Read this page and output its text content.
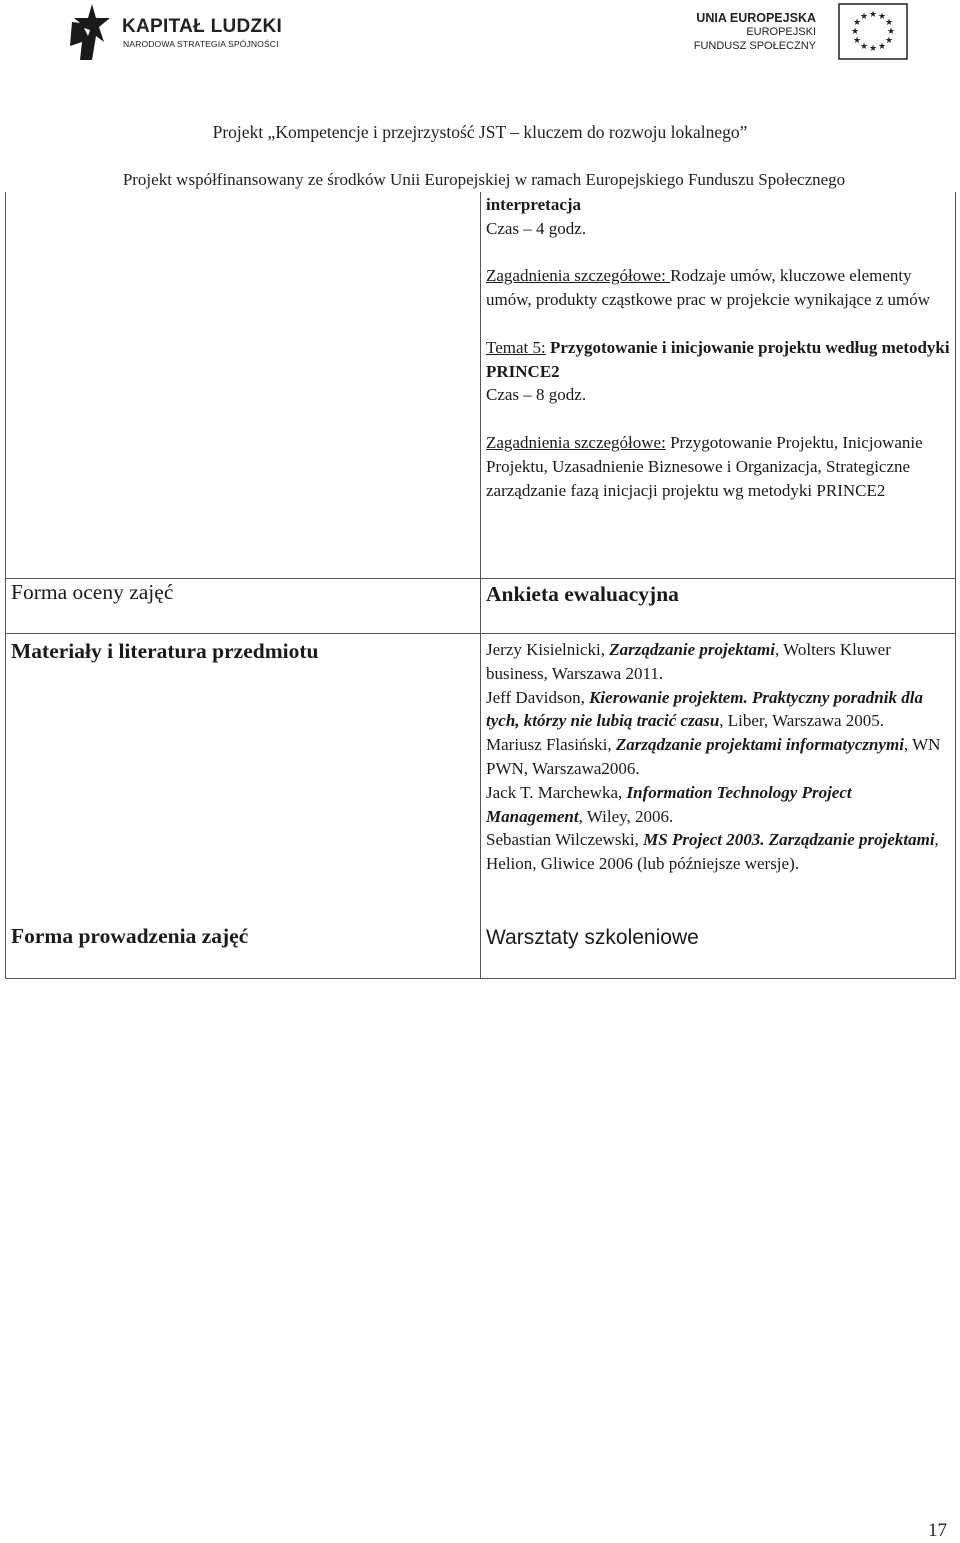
KAPITAŁ LUDZKI
NARODOWA STRATEGIA SPÓJNOŚCI
UNIA EUROPEJSKA
EUROPEJSKI
FUNDUSZ SPOŁECZNY
★ ★
★
★
★
★
★
★
★
★
★
★
Projekt „Kompetencje i przejrzystość JST – kluczem do rozwoju lokalnego”
Projekt współfinansowany ze środków Unii Europejskiej w ramach Europejskiego Funduszu Społecznego

interpretacja

Czas – 4 godz.

Zagadnienia szczegółowe: Rodzaje umów, kluczowe elementy umów, produkty cząstkowe prac w projekcie wynikające z umów

Temat 5: Przygotowanie i inicjowanie projektu według metodyki PRINCE2

Czas – 8 godz.

Zagadnienia szczegółowe: Przygotowanie Projektu, Inicjowanie Projektu, Uzasadnienie Biznesowe i Organizacja, Strategiczne zarządzanie fazą inicjacji projektu wg metodyki PRINCE2

Forma oceny zajęć	Ankieta ewaluacyjna
Materiały i literatura przedmiotu	Jerzy Kisielnicki, Zarządzanie projektami, Wolters Kluwer business, Warszawa 2011.

Jeff Davidson, Kierowanie projektem. Praktyczny poradnik dla tych, którzy nie lubią tracić czasu, Liber, Warszawa 2005.

Mariusz Flasiński, Zarządzanie projektami informatycznymi, WN PWN, Warszawa2006.

Jack T. Marchewka, Information Technology Project Management, Wiley, 2006.

Sebastian Wilczewski, MS Project 2003. Zarządzanie projektami, Helion, Gliwice 2006 (lub późniejsze wersje).

Forma prowadzenia zajęć	Warsztaty szkoleniowe
17
